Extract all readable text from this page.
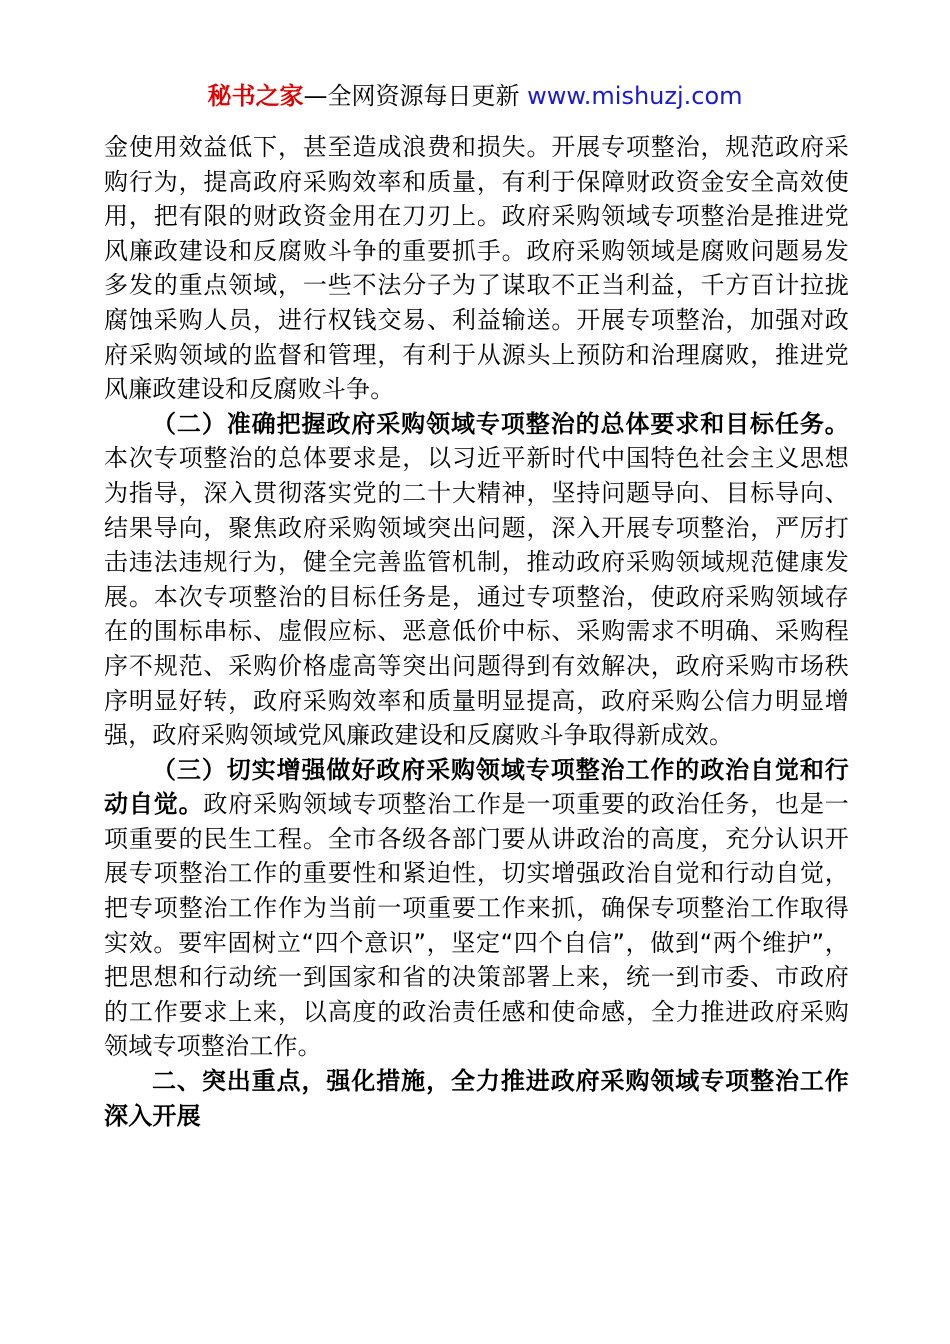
秘书之家—全网资源每日更新 www.mishuzj.com

金使用效益低下，甚至造成浪费和损失。开展专项整治，规范政府采购行为，提高政府采购效率和质量，有利于保障财政资金安全高效使用，把有限的财政资金用在刀刃上。政府采购领域专项整治是推进党风廉政建设和反腐败斗争的重要抓手。政府采购领域是腐败问题易发多发的重点领域，一些不法分子为了谋取不正当利益，千方百计拉拢腐蚀采购人员，进行权钱交易、利益输送。开展专项整治，加强对政府采购领域的监督和管理，有利于从源头上预防和治理腐败，推进党风廉政建设和反腐败斗争。

（二）准确把握政府采购领域专项整治的总体要求和目标任务。本次专项整治的总体要求是，以习近平新时代中国特色社会主义思想为指导，深入贯彻落实党的二十大精神，坚持问题导向、目标导向、结果导向，聚焦政府采购领域突出问题，深入开展专项整治，严厉打击违法违规行为，健全完善监管机制，推动政府采购领域规范健康发展。本次专项整治的目标任务是，通过专项整治，使政府采购领域存在的围标串标、虚假应标、恶意低价中标、采购需求不明确、采购程序不规范、采购价格虚高等突出问题得到有效解决，政府采购市场秩序明显好转，政府采购效率和质量明显提高，政府采购公信力明显增强，政府采购领域党风廉政建设和反腐败斗争取得新成效。

（三）切实增强做好政府采购领域专项整治工作的政治自觉和行动自觉。政府采购领域专项整治工作是一项重要的政治任务，也是一项重要的民生工程。全市各级各部门要从讲政治的高度，充分认识开展专项整治工作的重要性和紧迫性，切实增强政治自觉和行动自觉，把专项整治工作作为当前一项重要工作来抓，确保专项整治工作取得实效。要牢固树立“四个意识”，坚定“四个自信”，做到“两个维护”，把思想和行动统一到国家和省的决策部署上来，统一到市委、市政府的工作要求上来，以高度的政治责任感和使命感，全力推进政府采购领域专项整治工作。

二、突出重点，强化措施，全力推进政府采购领域专项整治工作深入开展
